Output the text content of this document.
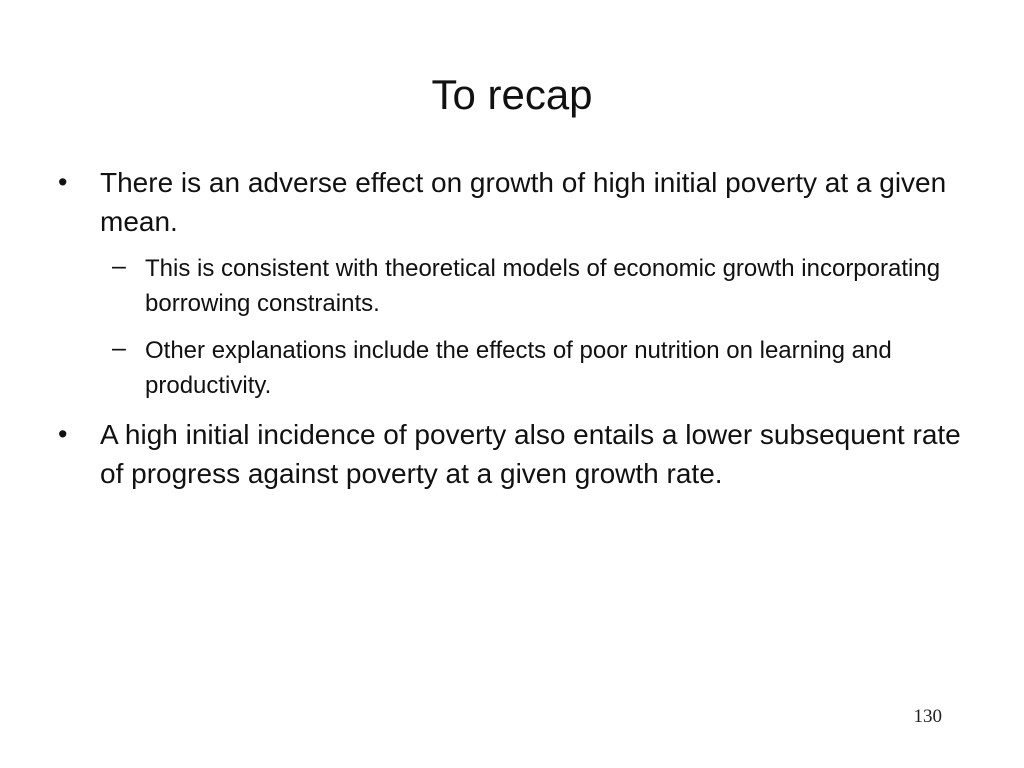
To recap
•	There is an adverse effect on growth of high initial poverty at a given mean.
– This is consistent with theoretical models of economic growth incorporating borrowing constraints.
– Other explanations include the effects of poor nutrition on learning and productivity.
•	A high initial incidence of poverty also entails a lower subsequent rate of progress against poverty at a given growth rate.
130
